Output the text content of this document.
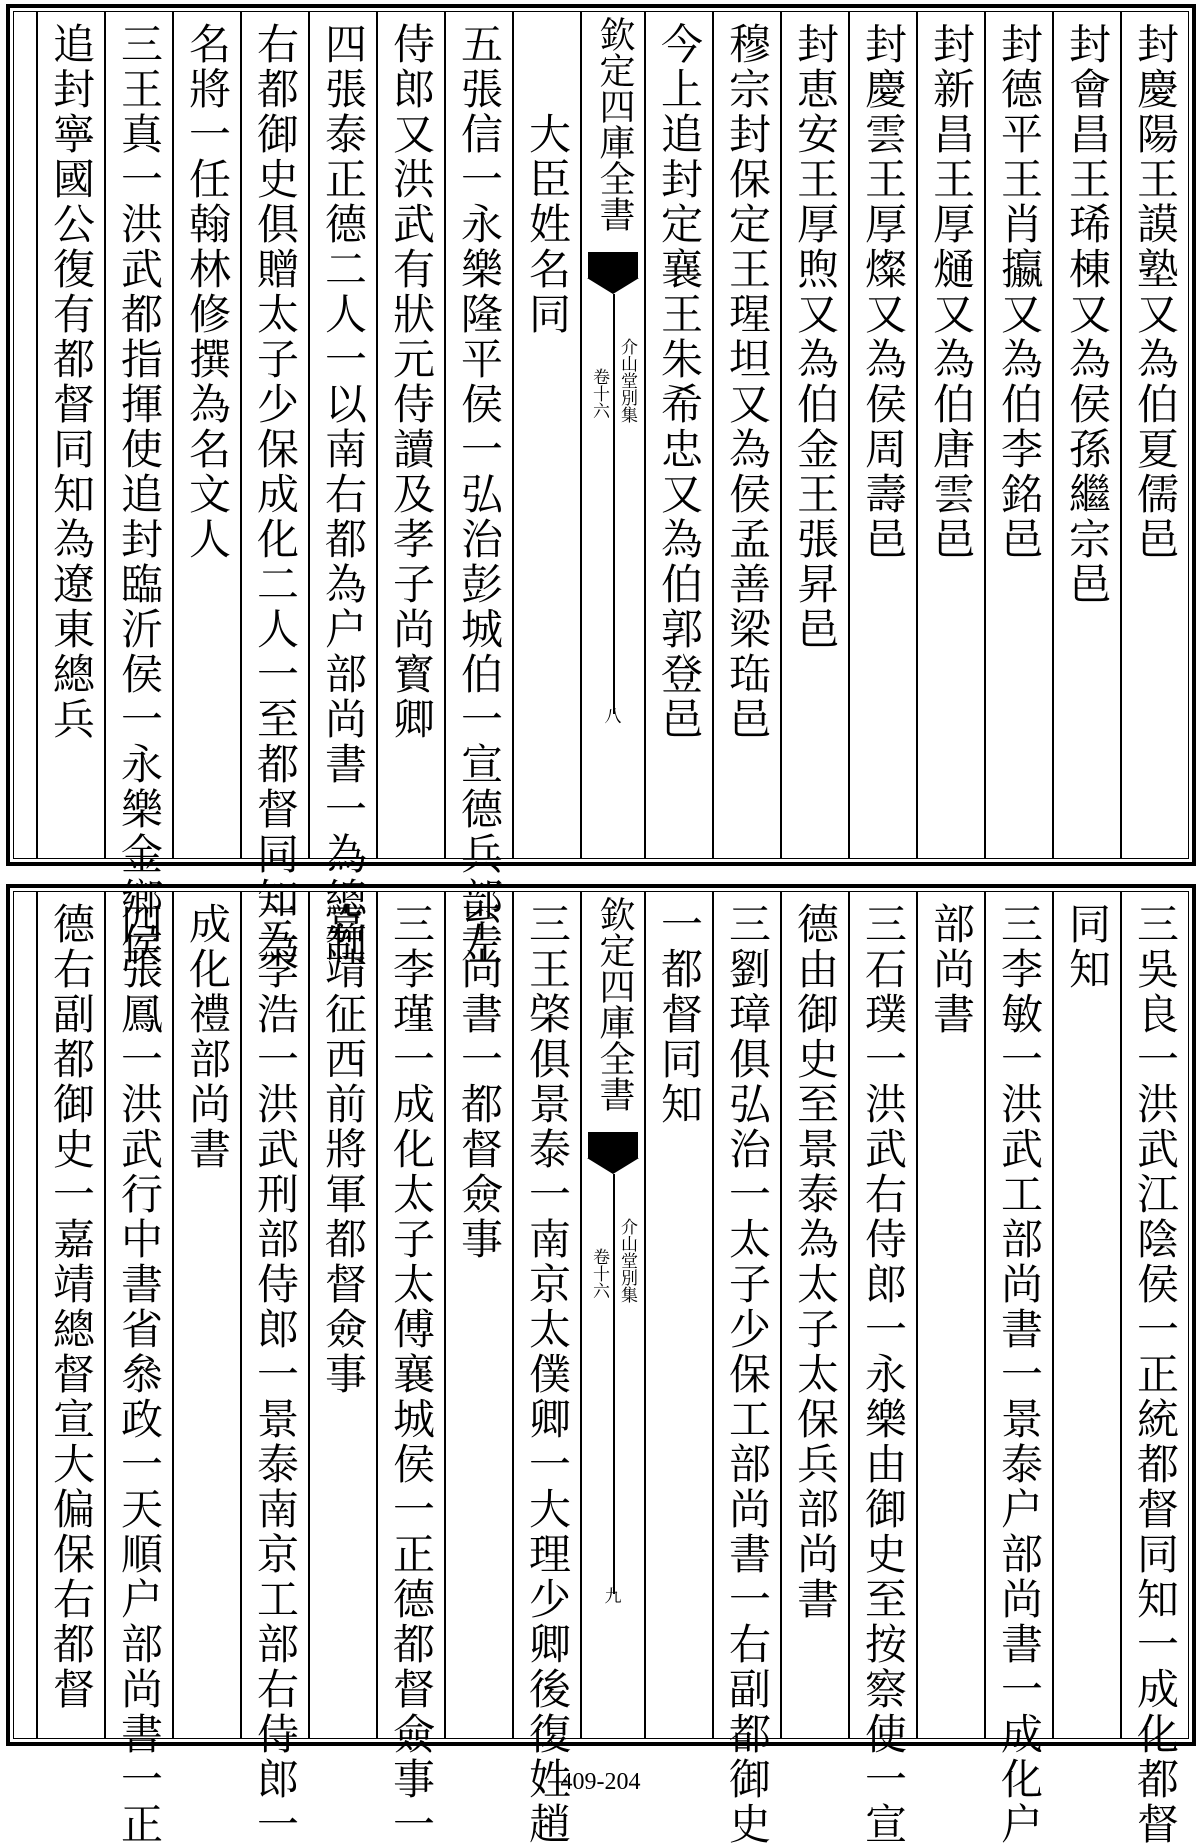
封慶陽王謨塾又為伯夏儒邑
封會昌王琋棟又為侯孫繼宗邑
封德平王肖攍又為伯李銘邑
封新昌王厚熥又為伯唐雲邑
封慶雲王厚燦又為侯周壽邑
封恵安王厚煦又為伯金王張昇邑
穆宗封保定王瑆坦又為侯孟善梁珤邑
今上追封定襄王朱希忠又為伯郭登邑
欽定四庫全書
介山堂別集
卷十六
八
大臣姓名同
五張信一永樂隆平侯一弘治彭城伯一宣德兵部左
侍郎又洪武有狀元侍讀及孝子尚寳卿
四張泰正德二人一以南右都為户部尚書一為總制
右都御史俱贈太子少保成化二人一至都督同知為
名將一任翰林修撰為名文人
三王真一洪武都指揮使追封臨沂侯一永樂金鄉侯
追封寧國公復有都督同知為遼東總兵
三吳良一洪武江陰侯一正統都督同知一成化都督
同知
三李敏一洪武工部尚書一景泰户部尚書一成化户
部尚書
三石璞一洪武右侍郎一永樂由御史至按察使一宣
德由御史至景泰為太子太保兵部尚書
三劉璋俱弘治一太子少保工部尚書一右副都御史
一都督同知
欽定四庫全書
介山堂別集
卷十六
九
三王棨俱景泰一南京太僕卿一大理少卿後復姓趙
至尚書一都督僉事
三李瑾一成化太子太傅襄城侯一正德都督僉事一
嘉靖征西前將軍都督僉事
三李浩一洪武刑部侍郎一景泰南京工部右侍郎一
成化禮部尚書
四張鳳一洪武行中書省叅政一天順户部尚書一正
德右副都御史一嘉靖總督宣大偏保右都督
409-204
